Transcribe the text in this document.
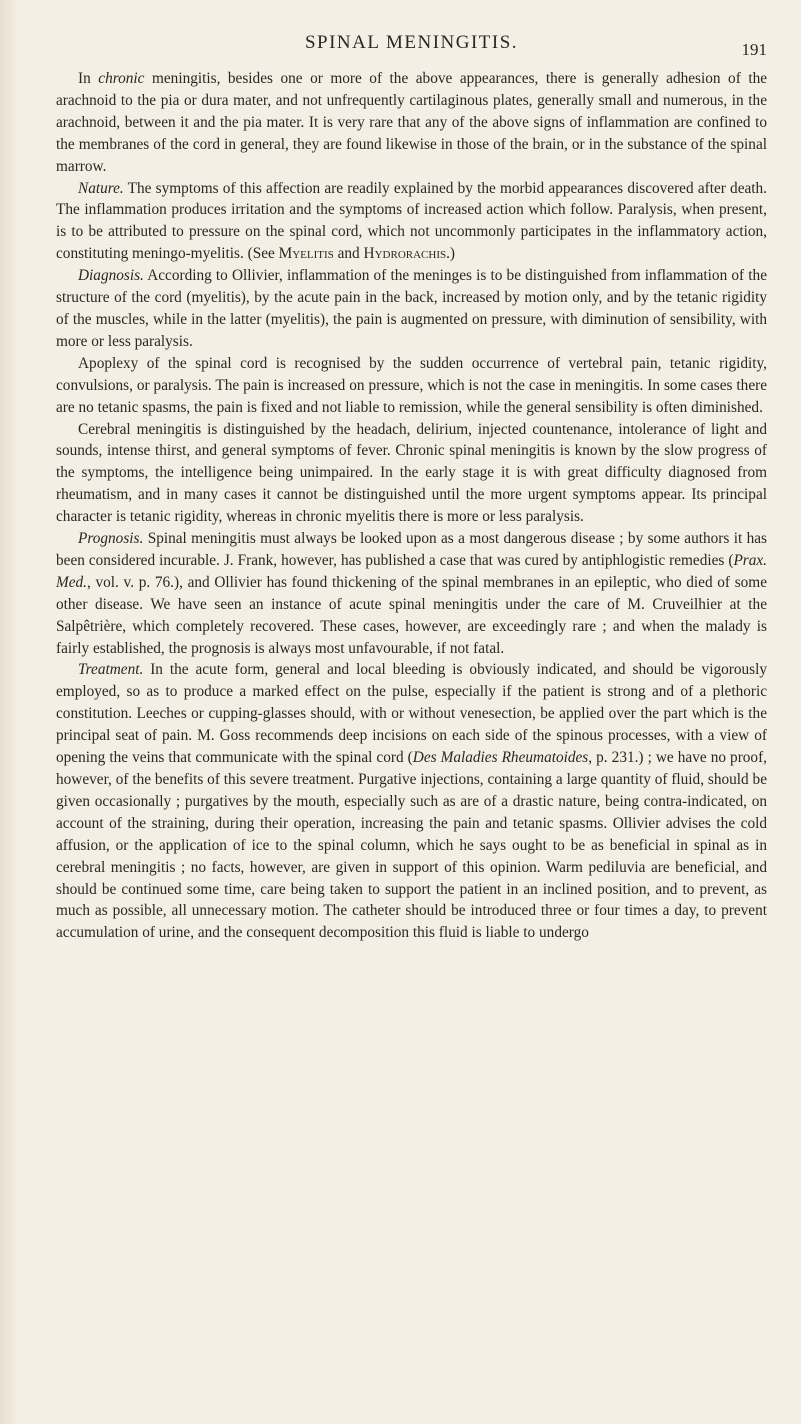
SPINAL MENINGITIS.	191

In chronic meningitis, besides one or more of the above appearances, there is generally adhesion of the arachnoid to the pia or dura mater, and not unfrequently cartilaginous plates, generally small and numerous, in the arachnoid, between it and the pia mater. It is very rare that any of the above signs of inflammation are confined to the membranes of the cord in general, they are found likewise in those of the brain, or in the substance of the spinal marrow.

Nature. The symptoms of this affection are readily explained by the morbid appearances discovered after death. The inflammation produces irritation and the symptoms of increased action which follow. Paralysis, when present, is to be attributed to pressure on the spinal cord, which not uncommonly participates in the inflammatory action, constituting meningo-myelitis. (See Myelitis and Hydrorachis.)

Diagnosis. According to Ollivier, inflammation of the meninges is to be distinguished from inflammation of the structure of the cord (myelitis), by the acute pain in the back, increased by motion only, and by the tetanic rigidity of the muscles, while in the latter (myelitis), the pain is augmented on pressure, with diminution of sensibility, with more or less paralysis.

Apoplexy of the spinal cord is recognised by the sudden occurrence of vertebral pain, tetanic rigidity, convulsions, or paralysis. The pain is increased on pressure, which is not the case in meningitis. In some cases there are no tetanic spasms, the pain is fixed and not liable to remission, while the general sensibility is often diminished.

Cerebral meningitis is distinguished by the headach, delirium, injected countenance, intolerance of light and sounds, intense thirst, and general symptoms of fever. Chronic spinal meningitis is known by the slow progress of the symptoms, the intelligence being unimpaired. In the early stage it is with great difficulty diagnosed from rheumatism, and in many cases it cannot be distinguished until the more urgent symptoms appear. Its principal character is tetanic rigidity, whereas in chronic myelitis there is more or less paralysis.

Prognosis. Spinal meningitis must always be looked upon as a most dangerous disease ; by some authors it has been considered incurable. J. Frank, however, has published a case that was cured by antiphlogistic remedies (Prax. Med., vol. v. p. 76.), and Ollivier has found thickening of the spinal membranes in an epileptic, who died of some other disease. We have seen an instance of acute spinal meningitis under the care of M. Cruveilhier at the Salpêtrière, which completely recovered. These cases, however, are exceedingly rare ; and when the malady is fairly established, the prognosis is always most unfavourable, if not fatal.

Treatment. In the acute form, general and local bleeding is obviously indicated, and should be vigorously employed, so as to produce a marked effect on the pulse, especially if the patient is strong and of a plethoric constitution. Leeches or cupping-glasses should, with or without venesection, be applied over the part which is the principal seat of pain. M. Goss recommends deep incisions on each side of the spinous processes, with a view of opening the veins that communicate with the spinal cord (Des Maladies Rheumatoides, p. 231.) ; we have no proof, however, of the benefits of this severe treatment. Purgative injections, containing a large quantity of fluid, should be given occasionally ; purgatives by the mouth, especially such as are of a drastic nature, being contra-indicated, on account of the straining, during their operation, increasing the pain and tetanic spasms. Ollivier advises the cold affusion, or the application of ice to the spinal column, which he says ought to be as beneficial in spinal as in cerebral meningitis ; no facts, however, are given in support of this opinion. Warm pediluvia are beneficial, and should be continued some time, care being taken to support the patient in an inclined position, and to prevent, as much as possible, all unnecessary motion. The catheter should be introduced three or four times a day, to prevent accumulation of urine, and the consequent decomposition this fluid is liable to undergo
